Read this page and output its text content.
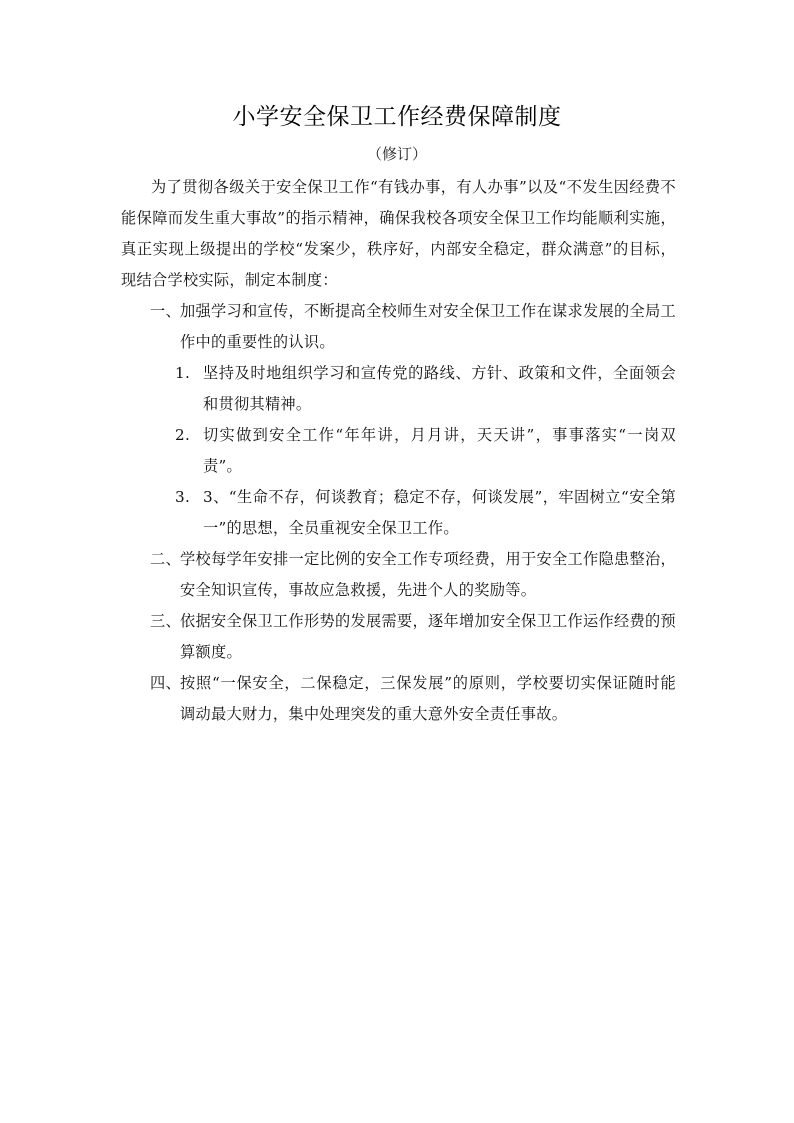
小学安全保卫工作经费保障制度
（修订）

为了贯彻各级关于安全保卫工作“有钱办事，有人办事”以及“不发生因经费不能保障而发生重大事故”的指示精神，确保我校各项安全保卫工作均能顺利实施，真正实现上级提出的学校“发案少，秩序好，内部安全稳定，群众满意”的目标，现结合学校实际，制定本制度：

一、 加强学习和宣传，不断提高全校师生对安全保卫工作在谋求发展的全局工作中的重要性的认识。
1. 坚持及时地组织学习和宣传党的路线、方针、政策和文件，全面领会和贯彻其精神。
2. 切实做到安全工作“年年讲，月月讲，天天讲”，事事落实“一岗双责”。
3. 3、“生命不存，何谈教育；稳定不存，何谈发展”，牢固树立“安全第一”的思想，全员重视安全保卫工作。
二、 学校每学年安排一定比例的安全工作专项经费，用于安全工作隐患整治，安全知识宣传，事故应急救援，先进个人的奖励等。
三、 依据安全保卫工作形势的发展需要，逐年增加安全保卫工作运作经费的预算额度。
四、 按照“一保安全，二保稳定，三保发展”的原则，学校要切实保证随时能调动最大财力，集中处理突发的重大意外安全责任事故。
